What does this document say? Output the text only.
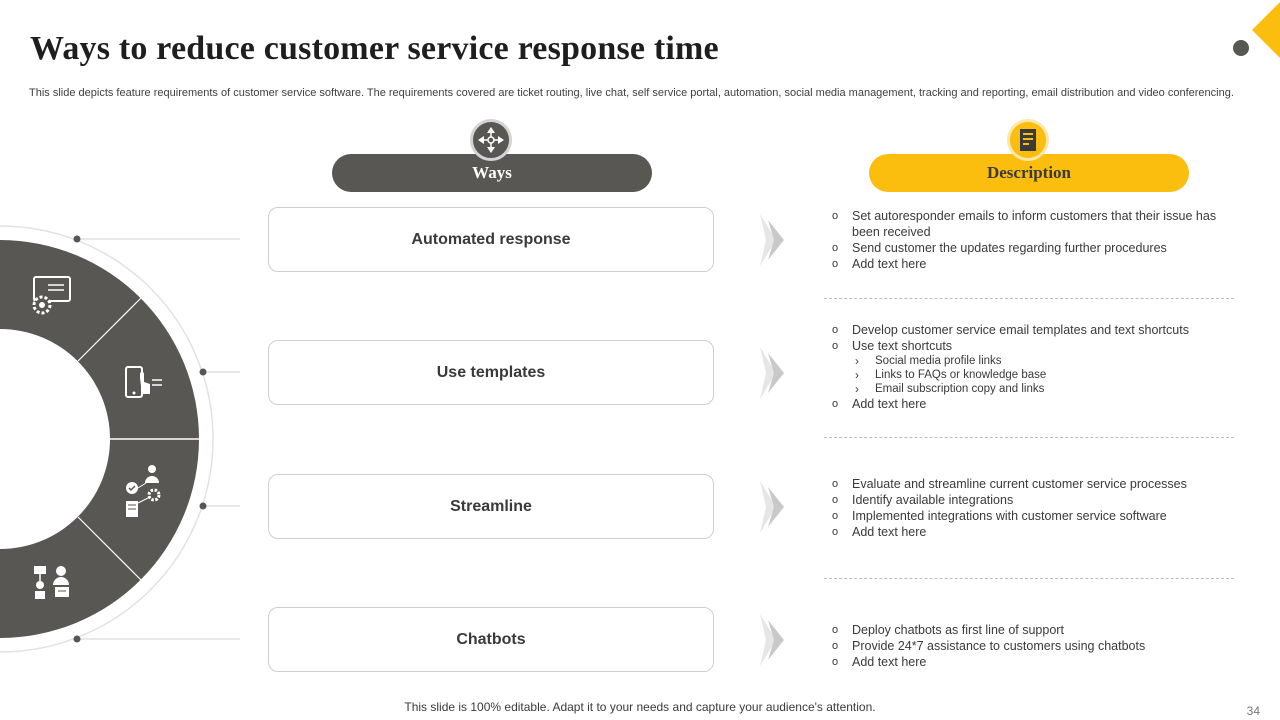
Ways to reduce customer service response time
This slide depicts feature requirements of customer service software. The requirements covered are ticket routing, live chat, self service portal, automation, social media management, tracking and reporting, email distribution and video conferencing.
Ways	Description
Automated response
Use templates
Streamline
Chatbots
o Set autoresponder emails to inform customers that their issue has been received
o Send customer the updates regarding further procedures
o Add text here
o Develop customer service email templates and text shortcuts
o Use text shortcuts
› Social media profile links
› Links to FAQs or knowledge base
› Email subscription copy and links
o Add text here
o Evaluate and streamline current customer service processes
o Identify available integrations
o Implemented integrations with customer service software
o Add text here
o Deploy chatbots as first line of support
o Provide 24*7 assistance to customers using chatbots
o Add text here
This slide is 100% editable. Adapt it to your needs and capture your audience's attention.	34
